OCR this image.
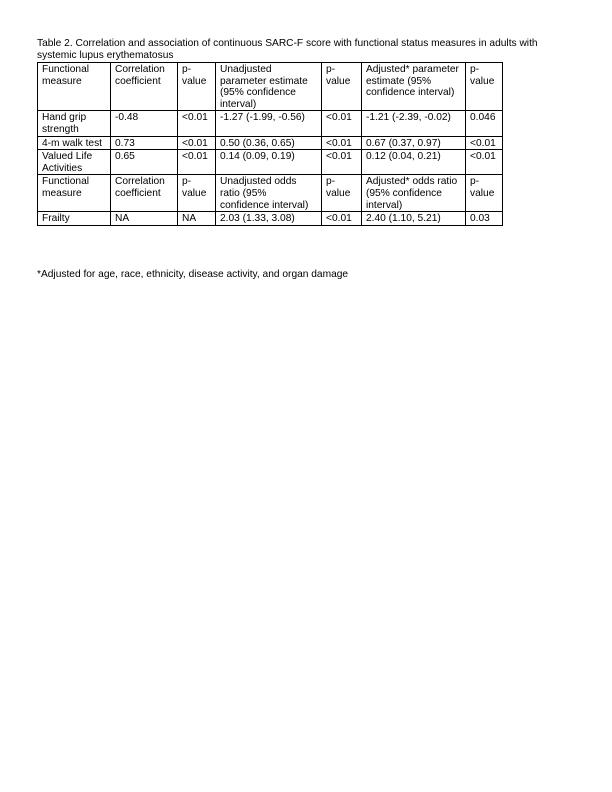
Table 2. Correlation and association of continuous SARC-F score with functional status measures in adults with systemic lupus erythematosus
Functional measure	Correlation coefficient	p-value	Unadjusted parameter estimate (95% confidence interval)	p-value	Adjusted* parameter estimate (95% confidence interval)	p-value
Hand grip strength	-0.48	<0.01	-1.27 (-1.99, -0.56)	<0.01	-1.21 (-2.39, -0.02)	0.046
4-m walk test	0.73	<0.01	0.50 (0.36, 0.65)	<0.01	0.67 (0.37, 0.97)	<0.01
Valued Life Activities	0.65	<0.01	0.14 (0.09, 0.19)	<0.01	0.12 (0.04, 0.21)	<0.01
Functional measure	Correlation coefficient	p-value	Unadjusted odds ratio (95% confidence interval)	p-value	Adjusted* odds ratio (95% confidence interval)	p-value
Frailty	NA	NA	2.03 (1.33, 3.08)	<0.01	2.40 (1.10, 5.21)	0.03
*Adjusted for age, race, ethnicity, disease activity, and organ damage
